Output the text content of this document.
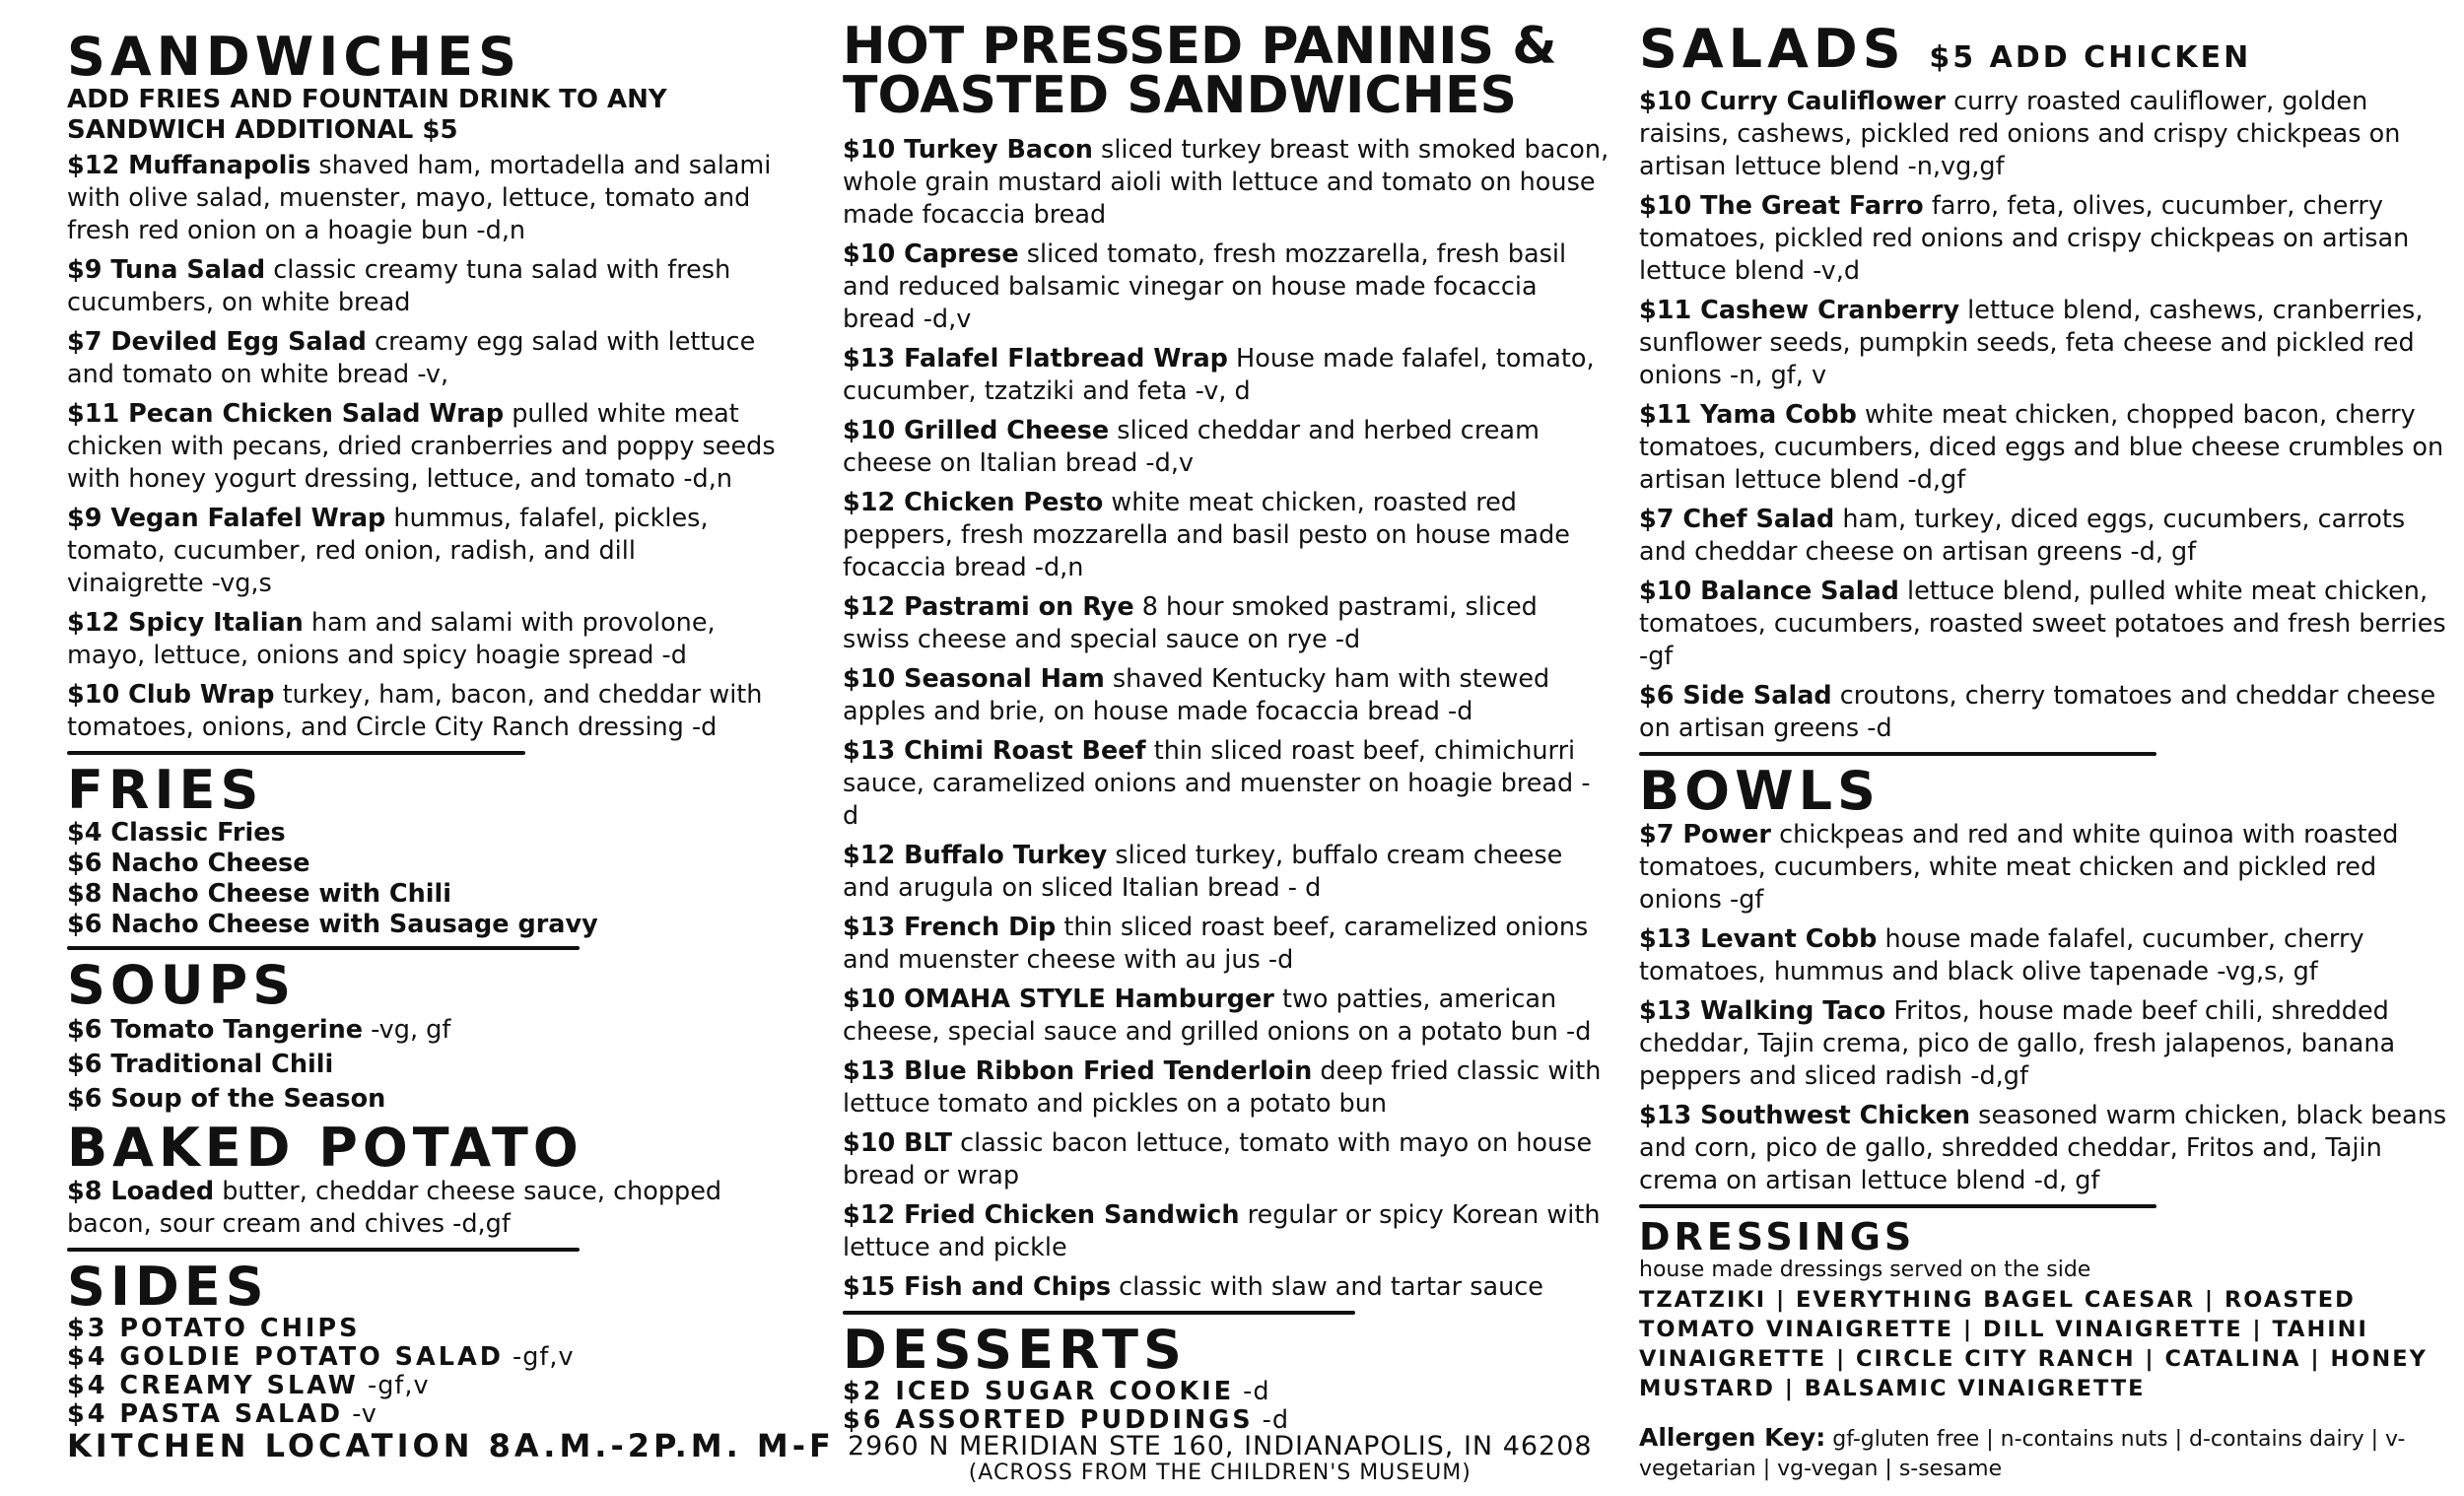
SANDWICHES

ADD FRIES AND FOUNTAIN DRINK TO ANY SANDWICH ADDITIONAL $5

$12 Muffanapolis shaved ham, mortadella and salami with olive salad, muenster, mayo, lettuce, tomato and fresh red onion on a hoagie bun -d,n
$9 Tuna Salad classic creamy tuna salad with fresh cucumbers, on white bread
$7 Deviled Egg Salad creamy egg salad with lettuce and tomato on white bread -v,
$11 Pecan Chicken Salad Wrap pulled white meat chicken with pecans, dried cranberries and poppy seeds with honey yogurt dressing, lettuce, and tomato -d,n
$9 Vegan Falafel Wrap hummus, falafel, pickles, tomato, cucumber, red onion, radish, and dill vinaigrette -vg,s
$12 Spicy Italian ham and salami with provolone, mayo, lettuce, onions and spicy hoagie spread -d
$10 Club Wrap turkey, ham, bacon, and cheddar with tomatoes, onions, and Circle City Ranch dressing -d
FRIES
$4 Classic Fries
$6 Nacho Cheese
$8 Nacho Cheese with Chili
$6 Nacho Cheese with Sausage gravy
SOUPS
$6 Tomato Tangerine -vg, gf
$6 Traditional Chili
$6 Soup of the Season
BAKED POTATO
$8 Loaded butter, cheddar cheese sauce, chopped bacon, sour cream and chives -d,gf
SIDES
$3 POTATO CHIPS
$4 GOLDIE POTATO SALAD -gf,v
$4 CREAMY SLAW -gf,v
$4 PASTA SALAD -v
HOT PRESSED PANINIS &
TOASTED SANDWICHES
$10 Turkey Bacon sliced turkey breast with smoked bacon, whole grain mustard aioli with lettuce and tomato on house made focaccia bread
$10 Caprese sliced tomato, fresh mozzarella, fresh basil and reduced balsamic vinegar on house made focaccia bread -d,v
$13 Falafel Flatbread Wrap House made falafel, tomato, cucumber, tzatziki and feta -v, d
$10 Grilled Cheese sliced cheddar and herbed cream cheese on Italian bread -d,v
$12 Chicken Pesto white meat chicken, roasted red peppers, fresh mozzarella and basil pesto on house made focaccia bread -d,n
$12 Pastrami on Rye 8 hour smoked pastrami, sliced swiss cheese and special sauce on rye -d
$10 Seasonal Ham shaved Kentucky ham with stewed apples and brie, on house made focaccia bread -d
$13 Chimi Roast Beef thin sliced roast beef, chimichurri sauce, caramelized onions and muenster on hoagie bread - d
$12 Buffalo Turkey sliced turkey, buffalo cream cheese and arugula on sliced Italian bread - d
$13 French Dip thin sliced roast beef, caramelized onions and muenster cheese with au jus -d
$10 OMAHA STYLE Hamburger two patties, american cheese, special sauce and grilled onions on a potato bun -d
$13 Blue Ribbon Fried Tenderloin deep fried classic with lettuce tomato and pickles on a potato bun
$10 BLT classic bacon lettuce, tomato with mayo on house bread or wrap
$12 Fried Chicken Sandwich regular or spicy Korean with lettuce and pickle
$15 Fish and Chips classic with slaw and tartar sauce
DESSERTS
$2 ICED SUGAR COOKIE -d
$6 ASSORTED PUDDINGS -d
SALADS $5 ADD CHICKEN
$10 Curry Cauliflower curry roasted cauliflower, golden raisins, cashews, pickled red onions and crispy chickpeas on artisan lettuce blend -n,vg,gf
$10 The Great Farro farro, feta, olives, cucumber, cherry tomatoes, pickled red onions and crispy chickpeas on artisan lettuce blend -v,d
$11 Cashew Cranberry lettuce blend, cashews, cranberries, sunflower seeds, pumpkin seeds, feta cheese and pickled red onions -n, gf, v
$11 Yama Cobb white meat chicken, chopped bacon, cherry tomatoes, cucumbers, diced eggs and blue cheese crumbles on artisan lettuce blend -d,gf
$7 Chef Salad ham, turkey, diced eggs, cucumbers, carrots and cheddar cheese on artisan greens -d, gf
$10 Balance Salad lettuce blend, pulled white meat chicken, tomatoes, cucumbers, roasted sweet potatoes and fresh berries -gf
$6 Side Salad croutons, cherry tomatoes and cheddar cheese on artisan greens -d
BOWLS
$7 Power chickpeas and red and white quinoa with roasted tomatoes, cucumbers, white meat chicken and pickled red onions -gf
$13 Levant Cobb house made falafel, cucumber, cherry tomatoes, hummus and black olive tapenade -vg,s, gf
$13 Walking Taco Fritos, house made beef chili, shredded cheddar, Tajin crema, pico de gallo, fresh jalapenos, banana peppers and sliced radish -d,gf
$13 Southwest Chicken seasoned warm chicken, black beans and corn, pico de gallo, shredded cheddar, Fritos and, Tajin crema on artisan lettuce blend -d, gf
DRESSINGS

house made dressings served on the side

TZATZIKI | EVERYTHING BAGEL CAESAR | ROASTED TOMATO VINAIGRETTE | DILL VINAIGRETTE | TAHINI VINAIGRETTE | CIRCLE CITY RANCH | CATALINA | HONEY MUSTARD | BALSAMIC VINAIGRETTE

Allergen Key: gf-gluten free | n-contains nuts | d-contains dairy | v-vegetarian | vg-vegan | s-sesame
KITCHEN LOCATION 8A.M.-2P.M. M-F 2960 N MERIDIAN STE 160, INDIANAPOLIS, IN 46208
(ACROSS FROM THE CHILDREN'S MUSEUM)
